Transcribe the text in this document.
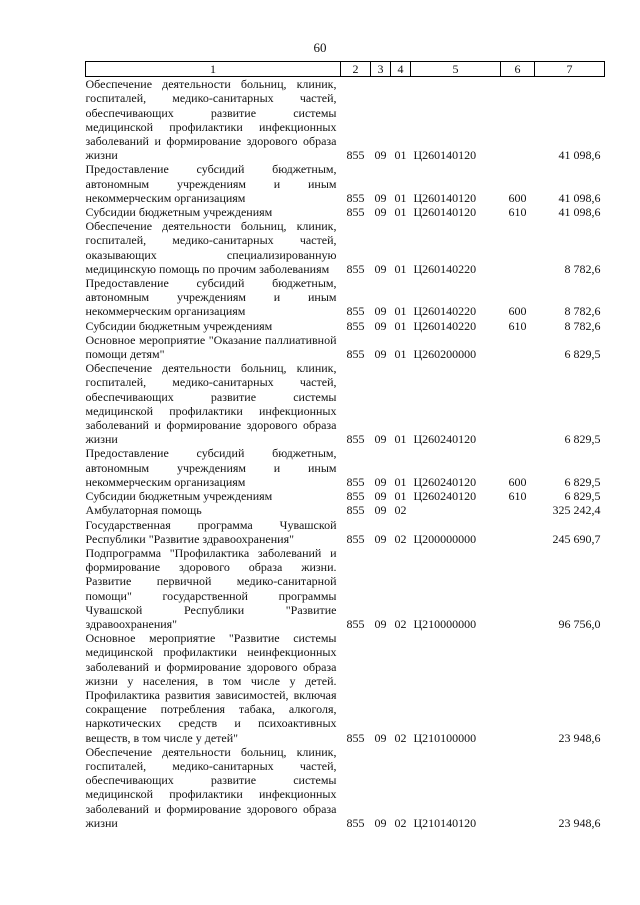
60
1	2	3	4	5	6	7
Обеспечение деятельности больниц, клиник, госпиталей, медико-санитарных частей, обеспечивающих развитие системы медицинской профилактики инфекционных заболеваний и формирование здорового образа жизни	855	09	01	Ц260140120		41 098,6
Предоставление субсидий бюджетным, автономным учреждениям и иным некоммерческим организациям	855	09	01	Ц260140120	600	41 098,6
Субсидии бюджетным учреждениям	855	09	01	Ц260140120	610	41 098,6
Обеспечение деятельности больниц, клиник, госпиталей, медико-санитарных частей, оказывающих специализированную медицинскую помощь по прочим заболеваниям	855	09	01	Ц260140220		8 782,6
Предоставление субсидий бюджетным, автономным учреждениям и иным некоммерческим организациям	855	09	01	Ц260140220	600	8 782,6
Субсидии бюджетным учреждениям	855	09	01	Ц260140220	610	8 782,6
Основное мероприятие "Оказание паллиативной помощи детям"	855	09	01	Ц260200000		6 829,5
Обеспечение деятельности больниц, клиник, госпиталей, медико-санитарных частей, обеспечивающих развитие системы медицинской профилактики инфекционных заболеваний и формирование здорового образа жизни	855	09	01	Ц260240120		6 829,5
Предоставление субсидий бюджетным, автономным учреждениям и иным некоммерческим организациям	855	09	01	Ц260240120	600	6 829,5
Субсидии бюджетным учреждениям	855	09	01	Ц260240120	610	6 829,5
Амбулаторная помощь	855	09	02			325 242,4
Государственная программа Чувашской Республики "Развитие здравоохранения"	855	09	02	Ц200000000		245 690,7
Подпрограмма "Профилактика заболеваний и формирование здорового образа жизни. Развитие первичной медико-санитарной помощи" государственной программы Чувашской Республики "Развитие здравоохранения"	855	09	02	Ц210000000		96 756,0
Основное мероприятие "Развитие системы медицинской профилактики неинфекционных заболеваний и формирование здорового образа жизни у населения, в том числе у детей. Профилактика развития зависимостей, включая сокращение потребления табака, алкоголя, наркотических средств и психоактивных веществ, в том числе у детей"	855	09	02	Ц210100000		23 948,6
Обеспечение деятельности больниц, клиник, госпиталей, медико-санитарных частей, обеспечивающих развитие системы медицинской профилактики инфекционных заболеваний и формирование здорового образа жизни	855	09	02	Ц210140120		23 948,6
